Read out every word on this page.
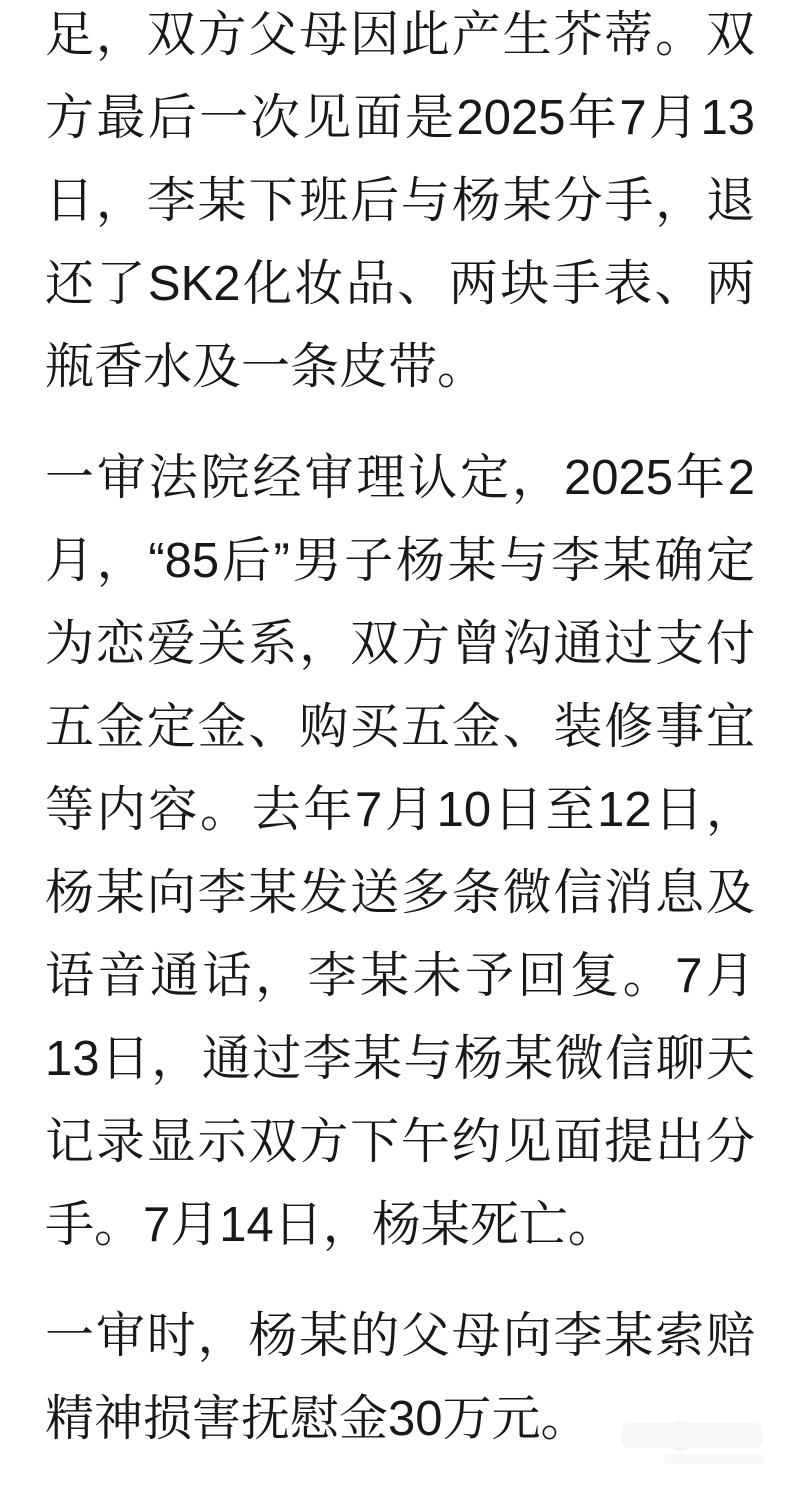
足，双方父母因此产生芥蒂。双
方最后一次见面是2025年7月13
日，李某下班后与杨某分手，退
还了SK2化妆品、两块手表、两
瓶香水及一条皮带。

一审法院经审理认定，2025年2
月，“85后”男子杨某与李某确定
为恋爱关系，双方曾沟通过支付
五金定金、购买五金、装修事宜
等内容。去年7月10日至12日，
杨某向李某发送多条微信消息及
语音通话，李某未予回复。7月
13日，通过李某与杨某微信聊天
记录显示双方下午约见面提出分
手。7月14日，杨某死亡。

一审时，杨某的父母向李某索赔
精神损害抚慰金30万元。
